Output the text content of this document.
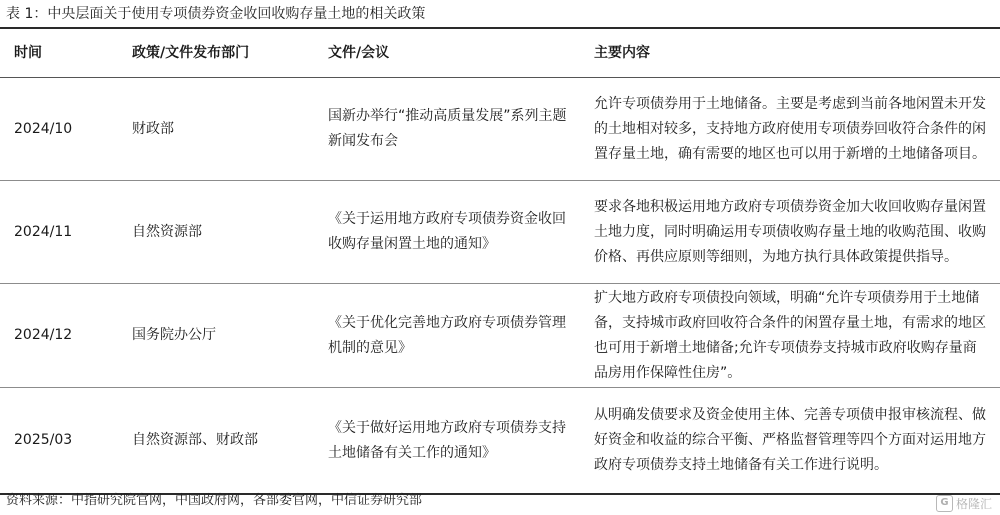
表 1：中央层面关于使用专项债券资金收回收购存量土地的相关政策
时间	政策/文件发布部门	文件/会议	主要内容
2024/10	财政部	国新办举行“推动高质量发展”系列主题新闻发布会	允许专项债券用于土地储备。主要是考虑到当前各地闲置未开发的土地相对较多，支持地方政府使用专项债券回收符合条件的闲置存量土地，确有需要的地区也可以用于新增的土地储备项目。
2024/11	自然资源部	《关于运用地方政府专项债券资金收回收购存量闲置土地的通知》	要求各地积极运用地方政府专项债券资金加大收回收购存量闲置土地力度，同时明确运用专项债收购存量土地的收购范围、收购价格、再供应原则等细则，为地方执行具体政策提供指导。
2024/12	国务院办公厅	《关于优化完善地方政府专项债券管理机制的意见》	扩大地方政府专项债投向领域，明确“允许专项债券用于土地储备，支持城市政府回收符合条件的闲置存量土地，有需求的地区也可用于新增土地储备;允许专项债券支持城市政府收购存量商品房用作保障性住房”。
2025/03	自然资源部、财政部	《关于做好运用地方政府专项债券支持土地储备有关工作的通知》	从明确发债要求及资金使用主体、完善专项债申报审核流程、做好资金和收益的综合平衡、严格监督管理等四个方面对运用地方政府专项债券支持土地储备有关工作进行说明。
资料来源：中指研究院官网，中国政府网，各部委官网，中信证券研究部	G 格隆汇
